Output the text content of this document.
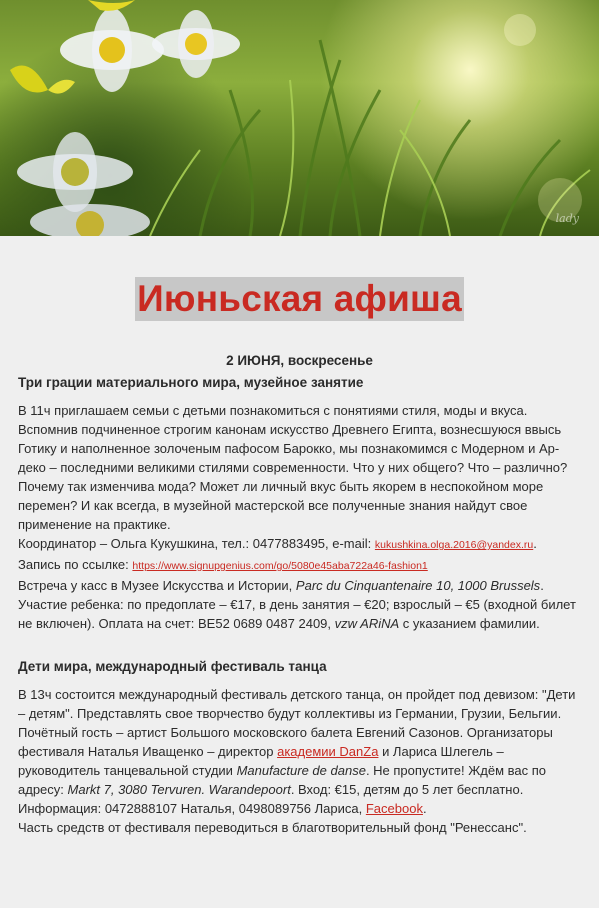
lady
Июньская афиша

2 ИЮНЯ, воскресенье

Три грации материального мира, музейное занятие

В 11ч приглашаем семьи с детьми познакомиться с понятиями стиля, моды и вкуса. Вспомнив подчиненное строгим канонам искусство Древнего Египта, вознесшуюся ввысь Готику и наполненное золоченым пафосом Барокко, мы познакомимся с Модерном и Ар-деко – последними великими стилями современности. Что у них общего? Что – различно? Почему так изменчива мода? Может ли личный вкус быть якорем в неспокойном море перемен? И как всегда, в музейной мастерской все полученные знания найдут свое применение на практике.

Координатор – Ольга Кукушкина, тел.: 0477883495, e-mail: kukushkina.olga.2016@yandex.ru.

Запись по ссылке: https://www.signupgenius.com/go/5080e45aba722a46-fashion1

Встреча у касс в Музее Искусства и Истории, Parc du Cinquantenaire 10, 1000 Brussels.

Участие ребенка: по предоплате – €17, в день занятия – €20; взрослый – €5 (входной билет не включен). Оплата на счет: BE52 0689 0487 2409, vzw ARiNA с указанием фамилии.

Дети мира, международный фестиваль танца

В 13ч состоится международный фестиваль детского танца, он пройдет под девизом: "Дети – детям". Представлять свое творчество будут коллективы из Германии, Грузии, Бельгии. Почётный гость – артист Большого московского балета Евгений Сазонов. Организаторы фестиваля Наталья Иващенко – директор академии DanZa и Лариса Шлегель – руководитель танцевальной студии Manufacture de danse. Не пропустите! Ждём вас по адресу: Markt 7, 3080 Tervuren. Warandepoort. Вход: €15, детям до 5 лет бесплатно. Информация: 0472888107 Наталья, 0498089756 Лариса, Facebook.

Часть средств от фестиваля переводиться в благотворительный фонд "Ренессанс".
